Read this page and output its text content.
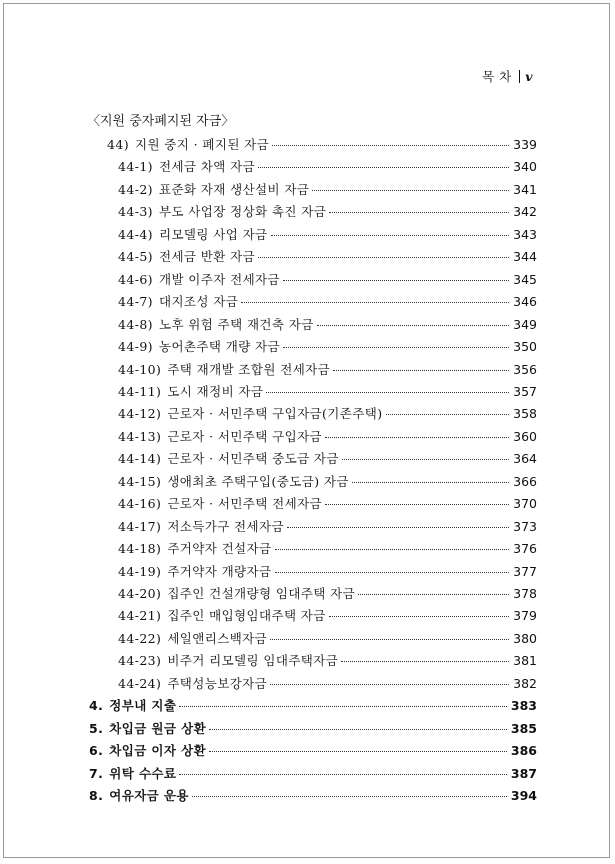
목 차 v
〈지원 중자폐지된 자금〉
44) 지원 중지 · 폐지된 자금	339
44-1) 전세금 차액 자금	340
44-2) 표준화 자재 생산설비 자금	341
44-3) 부도 사업장 정상화 촉진 자금	342
44-4) 리모델링 사업 자금	343
44-5) 전세금 반환 자금	344
44-6) 개발 이주자 전세자금	345
44-7) 대지조성 자금	346
44-8) 노후 위험 주택 재건축 자금	349
44-9) 농어촌주택 개량 자금	350
44-10) 주택 재개발 조합원 전세자금	356
44-11) 도시 재정비 자금	357
44-12) 근로자 · 서민주택 구입자금(기존주택)	358
44-13) 근로자 · 서민주택 구입자금	360
44-14) 근로자 · 서민주택 중도금 자금	364
44-15) 생애최초 주택구입(중도금) 자금	366
44-16) 근로자 · 서민주택 전세자금	370
44-17) 저소득가구 전세자금	373
44-18) 주거약자 건설자금	376
44-19) 주거약자 개량자금	377
44-20) 집주인 건설개량형 임대주택 자금	378
44-21) 집주인 매입형임대주택 자금	379
44-22) 세일앤리스백자금	380
44-23) 비주거 리모델링 임대주택자금	381
44-24) 주택성능보강자금	382
4. 정부내 지출	383
5. 차입금 원금 상환	385
6. 차입금 이자 상환	386
7. 위탁 수수료	387
8. 여유자금 운용	394
